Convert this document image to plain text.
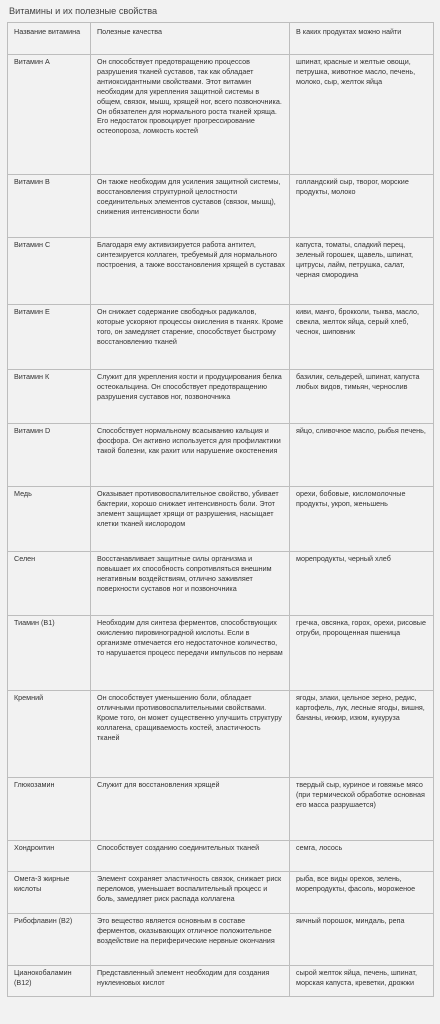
Витамины и их полезные свойства
Название витамина	Полезные качества	В каких продуктах можно найти
Витамин А	Он способствует предотвращению процессов разрушения тканей суставов, так как обладает антиоксидантными свойствами. Этот витамин необходим для укрепления защитной системы в общем, связок, мышц, хрящей ног, всего позвоночника. Он обязателен для нормального роста тканей хряща. Его недостаток провоцирует прогрессирование остеопороза, ломкость костей	шпинат, красные и желтые овощи, петрушка, животное масло, печень, молоко, сыр, желток яйца
Витамин В	Он также необходим для усиления защитной системы, восстановления структурной целостности соединительных элементов суставов (связок, мышц), снижения интенсивности боли	голландский сыр, творог, морские продукты, молоко
Витамин С	Благодаря ему активизируется работа антител, синтезируется коллаген, требуемый для нормального построения, а также восстановления хрящей в суставах	капуста, томаты, сладкий перец, зеленый горошек, щавель, шпинат, цитрусы, лайм, петрушка, салат, черная смородина
Витамин Е	Он снижает содержание свободных радикалов, которые ускоряют процессы окисления в тканях. Кроме того, он замедляет старение, способствует быстрому восстановлению тканей	киви, манго, брокколи, тыква, масло, свекла, желток яйца, серый хлеб, чеснок, шиповник
Витамин К	Служит для укрепления кости и продуцирования белка остеокальцина. Он способствует предотвращению разрушения суставов ног, позвоночника	базилик, сельдерей, шпинат, капуста любых видов, тимьян, чернослив
Витамин D	Способствует нормальному всасыванию кальция и фосфора. Он активно используется для профилактики такой болезни, как рахит или нарушение окостенения	яйцо, сливочное масло, рыбья печень,
Медь	Оказывает противовоспалительное свойство, убивает бактерии, хорошо снижает интенсивность боли. Этот элемент защищает хрящи от разрушения, насыщает клетки тканей кислородом	орехи, бобовые, кисломолочные продукты, укроп, женьшень
Селен	Восстанавливает защитные силы организма и повышает их способность сопротивляться внешним негативным воздействиям, отлично заживляет поверхности суставов ног и позвоночника	морепродукты, черный хлеб
Тиамин (В1)	Необходим для синтеза ферментов, способствующих окислению пировиноградной кислоты. Если в организме отмечается его недостаточное количество, то нарушается процесс передачи импульсов по нервам	гречка, овсянка, горох, орехи, рисовые отруби, пророщенная пшеница
Кремний	Он способствует уменьшению боли, обладает отличными противовоспалительными свойствами. Кроме того, он может существенно улучшить структуру коллагена, сращиваемость костей, эластичность тканей	ягоды, злаки, цельное зерно, редис, картофель, лук, лесные ягоды, вишня, бананы, инжир, изюм, кукуруза
Глюкозамин	Служит для восстановления хрящей	твердый сыр, куриное и говяжье мясо (при термической обработке основная его масса разрушается)
Хондроитин	Способствует созданию соединительных тканей	семга, лосось
Омега-3 жирные кислоты	Элемент сохраняет эластичность связок, снижает риск переломов, уменьшает воспалительный процесс и боль, замедляет риск распада коллагена	рыба, все виды орехов, зелень, морепродукты, фасоль, мороженое
Рибофлавин (В2)	Это вещество является основным в составе ферментов, оказывающих отличное положительное воздействие на периферические нервные окончания	яичный порошок, миндаль, репа
Цианокобаламин (В12)	Представленный элемент необходим для создания нуклеиновых кислот	сырой желток яйца, печень, шпинат, морская капуста, креветки, дрожжи
